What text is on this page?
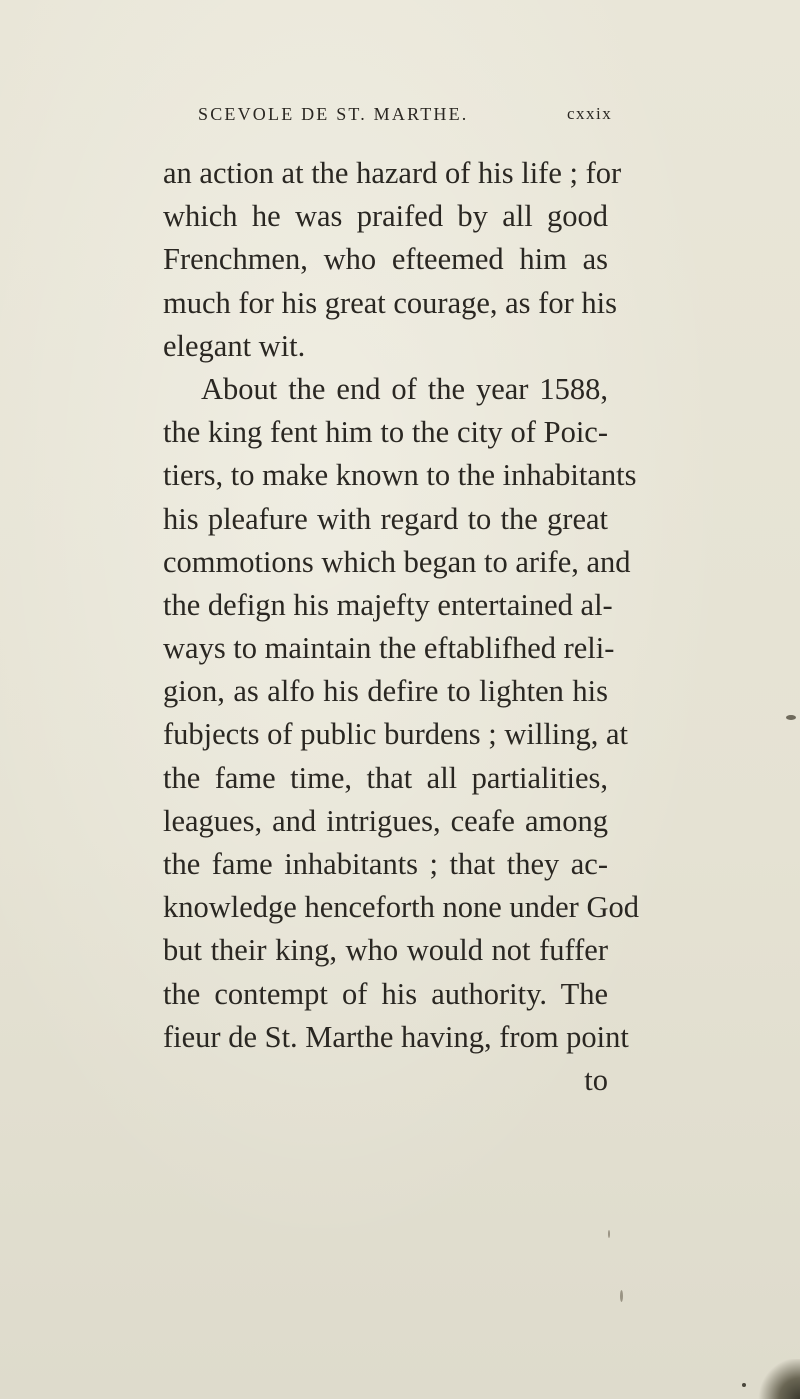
SCEVOLE DE ST. MARTHE.	cxxix
an action at the hazard of his life ; for
which he was praifed by all good
Frenchmen, who efteemed him as
much for his great courage, as for his
elegant wit.
About the end of the year 1588,
the king fent him to the city of Poic-
tiers, to make known to the inhabitants
his pleafure with regard to the great
commotions which began to arife, and
the defign his majefty entertained al-
ways to maintain the eftablifhed reli-
gion, as alfo his defire to lighten his
fubjects of public burdens ; willing, at
the fame time, that all partialities,
leagues, and intrigues, ceafe among
the fame inhabitants ; that they ac-
knowledge henceforth none under God
but their king, who would not fuffer
the contempt of his authority. The
fieur de St. Marthe having, from point
to
